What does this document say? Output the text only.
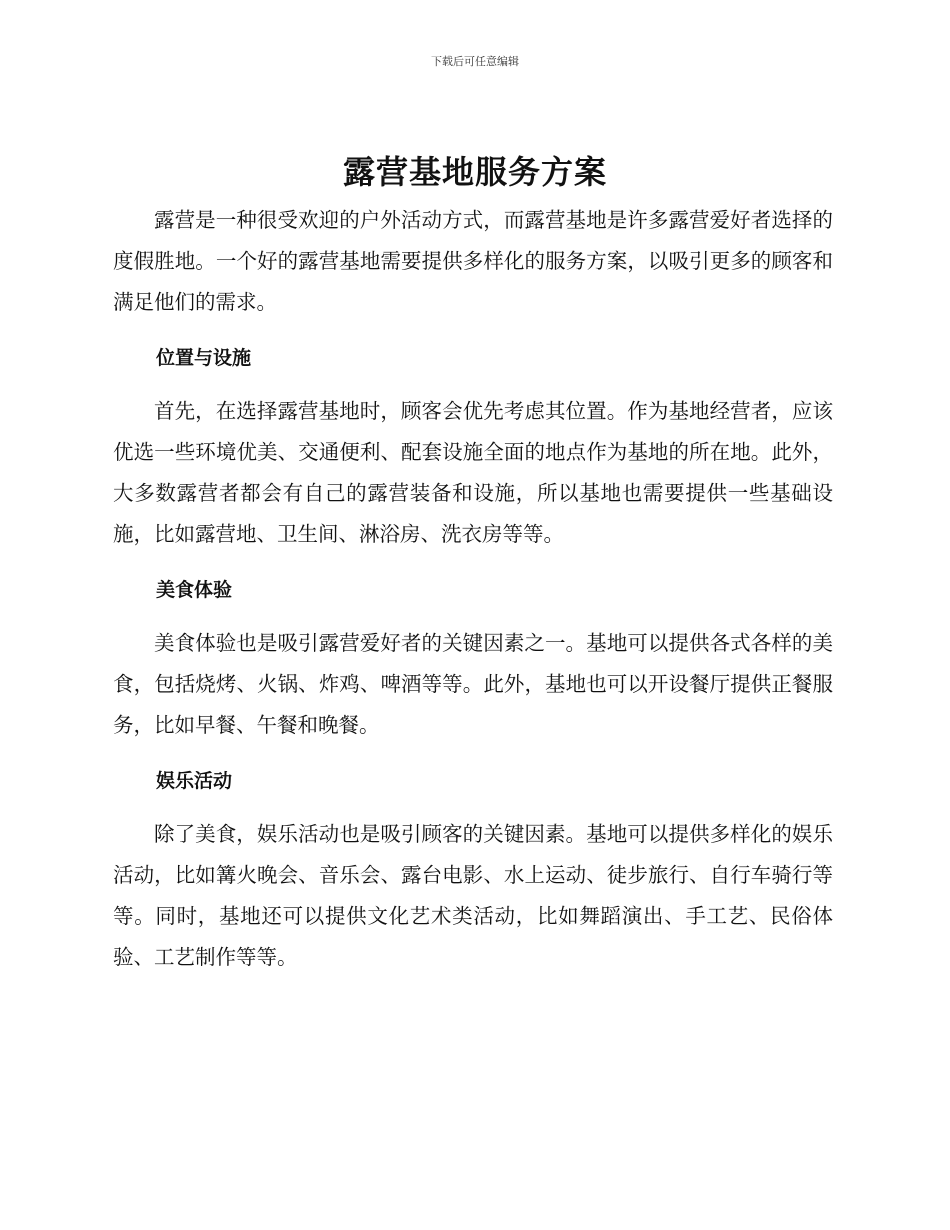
下载后可任意编辑
露营基地服务方案

露营是一种很受欢迎的户外活动方式，而露营基地是许多露营爱好者选择的度假胜地。一个好的露营基地需要提供多样化的服务方案，以吸引更多的顾客和满足他们的需求。

位置与设施

首先，在选择露营基地时，顾客会优先考虑其位置。作为基地经营者，应该优选一些环境优美、交通便利、配套设施全面的地点作为基地的所在地。此外，大多数露营者都会有自己的露营装备和设施，所以基地也需要提供一些基础设施，比如露营地、卫生间、淋浴房、洗衣房等等。

美食体验

美食体验也是吸引露营爱好者的关键因素之一。基地可以提供各式各样的美食，包括烧烤、火锅、炸鸡、啤酒等等。此外，基地也可以开设餐厅提供正餐服务，比如早餐、午餐和晚餐。

娱乐活动

除了美食，娱乐活动也是吸引顾客的关键因素。基地可以提供多样化的娱乐活动，比如篝火晚会、音乐会、露台电影、水上运动、徒步旅行、自行车骑行等等。同时，基地还可以提供文化艺术类活动，比如舞蹈演出、手工艺、民俗体验、工艺制作等等。
